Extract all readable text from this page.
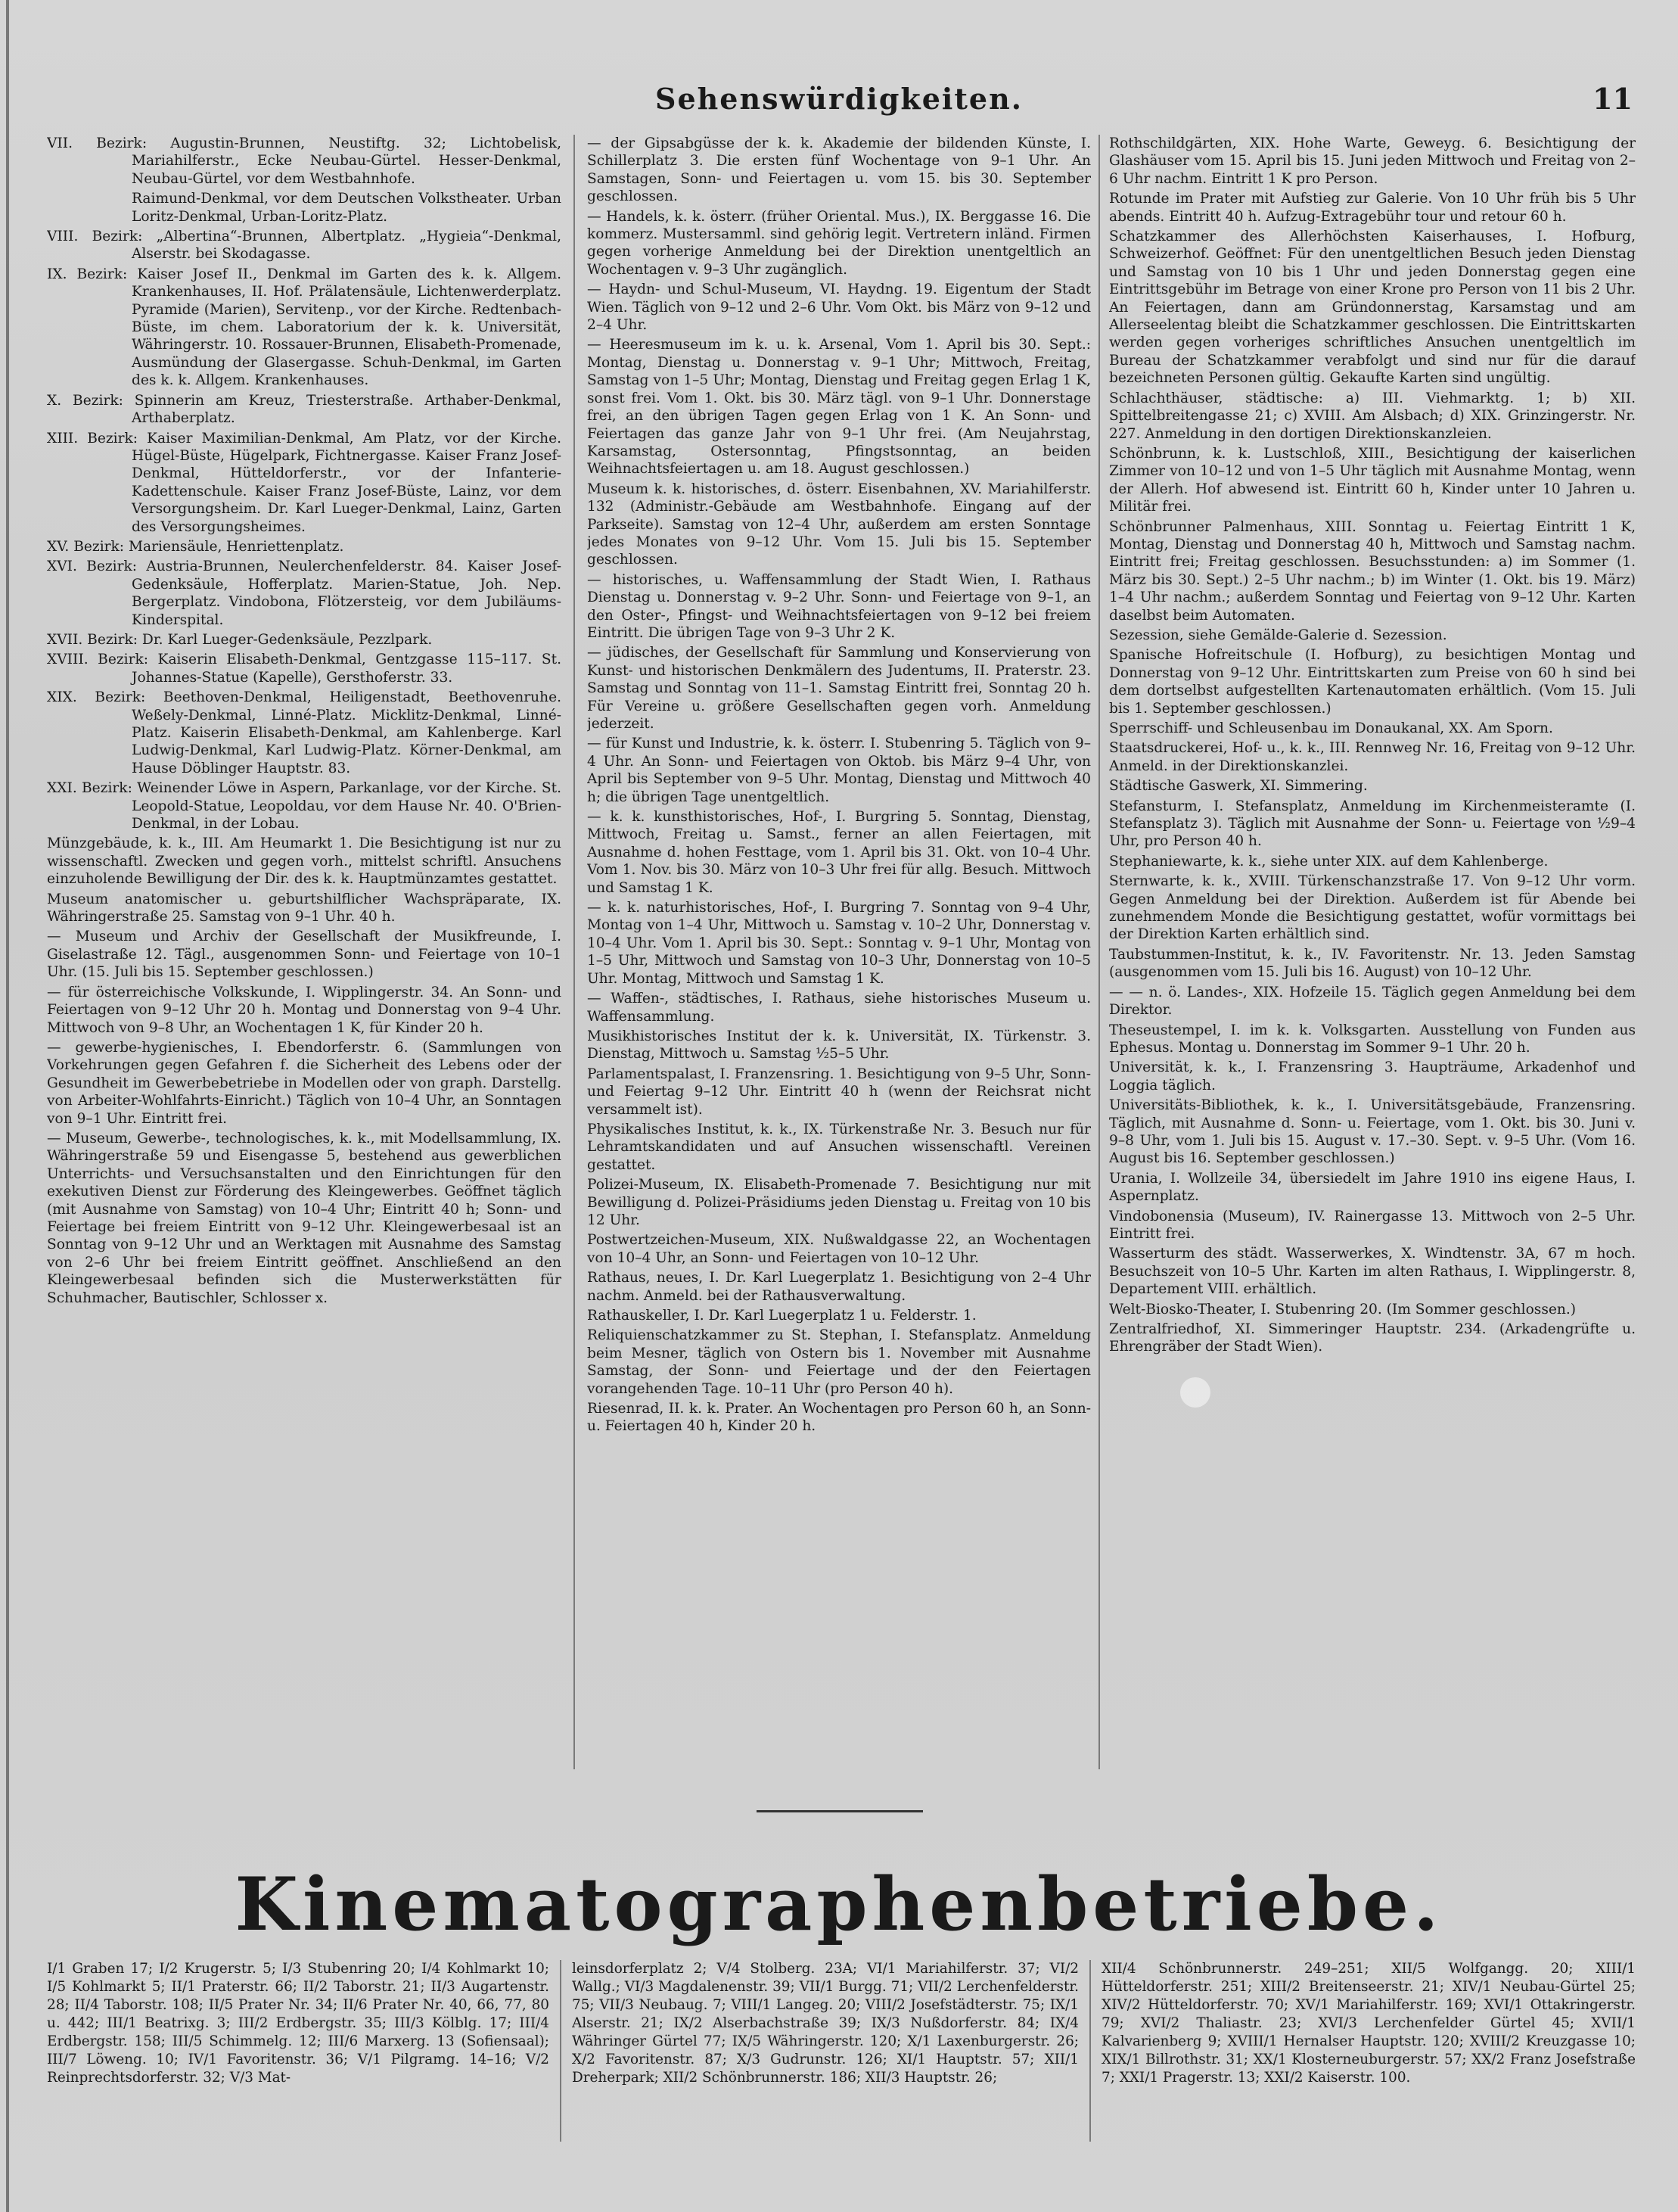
Sehenswürdigkeiten.	11

VII. Bezirk: Augustin-Brunnen, Neustiftg. 32; Lichtobelisk, Mariahilferstr., Ecke Neubau-Gürtel. Hesser-Denkmal, Neubau-Gürtel, vor dem Westbahnhofe.

Raimund-Denkmal, vor dem Deutschen Volkstheater. Urban Loritz-Denkmal, Urban-Loritz-Platz.

VIII. Bezirk: „Albertina“-Brunnen, Albertplatz. „Hygieia“-Denkmal, Alserstr. bei Skodagasse.

IX. Bezirk: Kaiser Josef II., Denkmal im Garten des k. k. Allgem. Krankenhauses, II. Hof. Prälatensäule, Lichtenwerderplatz. Pyramide (Marien), Servitenp., vor der Kirche. Redtenbach-Büste, im chem. Laboratorium der k. k. Universität, Währingerstr. 10. Rossauer-Brunnen, Elisabeth-Promenade, Ausmündung der Glasergasse. Schuh-Denkmal, im Garten des k. k. Allgem. Krankenhauses.

X. Bezirk: Spinnerin am Kreuz, Triesterstraße. Arthaber-Denkmal, Arthaberplatz.

XIII. Bezirk: Kaiser Maximilian-Denkmal, Am Platz, vor der Kirche. Hügel-Büste, Hügelpark, Fichtnergasse. Kaiser Franz Josef-Denkmal, Hütteldorferstr., vor der Infanterie-Kadettenschule. Kaiser Franz Josef-Büste, Lainz, vor dem Versorgungsheim. Dr. Karl Lueger-Denkmal, Lainz, Garten des Versorgungsheimes.

XV. Bezirk: Mariensäule, Henriettenplatz.

XVI. Bezirk: Austria-Brunnen, Neulerchenfelderstr. 84. Kaiser Josef-Gedenksäule, Hofferplatz. Marien-Statue, Joh. Nep. Bergerplatz. Vindobona, Flötzersteig, vor dem Jubiläums-Kinderspital.

XVII. Bezirk: Dr. Karl Lueger-Gedenksäule, Pezzlpark.

XVIII. Bezirk: Kaiserin Elisabeth-Denkmal, Gentzgasse 115–117. St. Johannes-Statue (Kapelle), Gersthoferstr. 33.

XIX. Bezirk: Beethoven-Denkmal, Heiligenstadt, Beethovenruhe. Weßely-Denkmal, Linné-Platz. Micklitz-Denkmal, Linné-Platz. Kaiserin Elisabeth-Denkmal, am Kahlenberge. Karl Ludwig-Denkmal, Karl Ludwig-Platz. Körner-Denkmal, am Hause Döblinger Hauptstr. 83.

XXI. Bezirk: Weinender Löwe in Aspern, Parkanlage, vor der Kirche. St. Leopold-Statue, Leopoldau, vor dem Hause Nr. 40. O'Brien-Denkmal, in der Lobau.

Münzgebäude, k. k., III. Am Heumarkt 1. Die Besichtigung ist nur zu wissenschaftl. Zwecken und gegen vorh., mittelst schriftl. Ansuchens einzuholende Bewilligung der Dir. des k. k. Hauptmünzamtes gestattet.

Museum anatomischer u. geburtshilflicher Wachspräparate, IX. Währingerstraße 25. Samstag von 9–1 Uhr. 40 h.

— Museum und Archiv der Gesellschaft der Musikfreunde, I. Giselastraße 12. Tägl., ausgenommen Sonn- und Feiertage von 10–1 Uhr. (15. Juli bis 15. September geschlossen.)

— für österreichische Volkskunde, I. Wipplingerstr. 34. An Sonn- und Feiertagen von 9–12 Uhr 20 h. Montag und Donnerstag von 9–4 Uhr. Mittwoch von 9–8 Uhr, an Wochentagen 1 K, für Kinder 20 h.

— gewerbe-hygienisches, I. Ebendorferstr. 6. (Sammlungen von Vorkehrungen gegen Gefahren f. die Sicherheit des Lebens oder der Gesundheit im Gewerbebetriebe in Modellen oder von graph. Darstellg. von Arbeiter-Wohlfahrts-Einricht.) Täglich von 10–4 Uhr, an Sonntagen von 9–1 Uhr. Eintritt frei.

— Museum, Gewerbe-, technologisches, k. k., mit Modellsammlung, IX. Währingerstraße 59 und Eisengasse 5, bestehend aus gewerblichen Unterrichts- und Versuchsanstalten und den Einrichtungen für den exekutiven Dienst zur Förderung des Kleingewerbes. Geöffnet täglich (mit Ausnahme von Samstag) von 10–4 Uhr; Eintritt 40 h; Sonn- und Feiertage bei freiem Eintritt von 9–12 Uhr. Kleingewerbesaal ist an Sonntag von 9–12 Uhr und an Werktagen mit Ausnahme des Samstag von 2–6 Uhr bei freiem Eintritt geöffnet. Anschließend an den Kleingewerbesaal befinden sich die Musterwerkstätten für Schuhmacher, Bautischler, Schlosser x.

— der Gipsabgüsse der k. k. Akademie der bildenden Künste, I. Schillerplatz 3. Die ersten fünf Wochentage von 9–1 Uhr. An Samstagen, Sonn- und Feiertagen u. vom 15. bis 30. September geschlossen.

— Handels, k. k. österr. (früher Oriental. Mus.), IX. Berggasse 16. Die kommerz. Mustersamml. sind gehörig legit. Vertretern inländ. Firmen gegen vorherige Anmeldung bei der Direktion unentgeltlich an Wochentagen v. 9–3 Uhr zugänglich.

— Haydn- und Schul-Museum, VI. Haydng. 19. Eigentum der Stadt Wien. Täglich von 9–12 und 2–6 Uhr. Vom Okt. bis März von 9–12 und 2–4 Uhr.

— Heeresmuseum im k. u. k. Arsenal, Vom 1. April bis 30. Sept.: Montag, Dienstag u. Donnerstag v. 9–1 Uhr; Mittwoch, Freitag, Samstag von 1–5 Uhr; Montag, Dienstag und Freitag gegen Erlag 1 K, sonst frei. Vom 1. Okt. bis 30. März tägl. von 9–1 Uhr. Donnerstage frei, an den übrigen Tagen gegen Erlag von 1 K. An Sonn- und Feiertagen das ganze Jahr von 9–1 Uhr frei. (Am Neujahrstag, Karsamstag, Ostersonntag, Pfingstsonntag, an beiden Weihnachtsfeiertagen u. am 18. August geschlossen.)

Museum k. k. historisches, d. österr. Eisenbahnen, XV. Mariahilferstr. 132 (Administr.-Gebäude am Westbahnhofe. Eingang auf der Parkseite). Samstag von 12–4 Uhr, außerdem am ersten Sonntage jedes Monates von 9–12 Uhr. Vom 15. Juli bis 15. September geschlossen.

— historisches, u. Waffensammlung der Stadt Wien, I. Rathaus Dienstag u. Donnerstag v. 9–2 Uhr. Sonn- und Feiertage von 9–1, an den Oster-, Pfingst- und Weihnachtsfeiertagen von 9–12 bei freiem Eintritt. Die übrigen Tage von 9–3 Uhr 2 K.

— jüdisches, der Gesellschaft für Sammlung und Konservierung von Kunst- und historischen Denkmälern des Judentums, II. Praterstr. 23. Samstag und Sonntag von 11–1. Samstag Eintritt frei, Sonntag 20 h. Für Vereine u. größere Gesellschaften gegen vorh. Anmeldung jederzeit.

— für Kunst und Industrie, k. k. österr. I. Stubenring 5. Täglich von 9–4 Uhr. An Sonn- und Feiertagen von Oktob. bis März 9–4 Uhr, von April bis September von 9–5 Uhr. Montag, Dienstag und Mittwoch 40 h; die übrigen Tage unentgeltlich.

— k. k. kunsthistorisches, Hof-, I. Burgring 5. Sonntag, Dienstag, Mittwoch, Freitag u. Samst., ferner an allen Feiertagen, mit Ausnahme d. hohen Festtage, vom 1. April bis 31. Okt. von 10–4 Uhr. Vom 1. Nov. bis 30. März von 10–3 Uhr frei für allg. Besuch. Mittwoch und Samstag 1 K.

— k. k. naturhistorisches, Hof-, I. Burgring 7. Sonntag von 9–4 Uhr, Montag von 1–4 Uhr, Mittwoch u. Samstag v. 10–2 Uhr, Donnerstag v. 10–4 Uhr. Vom 1. April bis 30. Sept.: Sonntag v. 9–1 Uhr, Montag von 1–5 Uhr, Mittwoch und Samstag von 10–3 Uhr, Donnerstag von 10–5 Uhr. Montag, Mittwoch und Samstag 1 K.

— Waffen-, städtisches, I. Rathaus, siehe historisches Museum u. Waffensammlung.

Musikhistorisches Institut der k. k. Universität, IX. Türkenstr. 3. Dienstag, Mittwoch u. Samstag ½5–5 Uhr.

Parlamentspalast, I. Franzensring. 1. Besichtigung von 9–5 Uhr, Sonn- und Feiertag 9–12 Uhr. Eintritt 40 h (wenn der Reichsrat nicht versammelt ist).

Physikalisches Institut, k. k., IX. Türkenstraße Nr. 3. Besuch nur für Lehramtskandidaten und auf Ansuchen wissenschaftl. Vereinen gestattet.

Polizei-Museum, IX. Elisabeth-Promenade 7. Besichtigung nur mit Bewilligung d. Polizei-Präsidiums jeden Dienstag u. Freitag von 10 bis 12 Uhr.

Postwertzeichen-Museum, XIX. Nußwaldgasse 22, an Wochentagen von 10–4 Uhr, an Sonn- und Feiertagen von 10–12 Uhr.

Rathaus, neues, I. Dr. Karl Luegerplatz 1. Besichtigung von 2–4 Uhr nachm. Anmeld. bei der Rathausverwaltung.

Rathauskeller, I. Dr. Karl Luegerplatz 1 u. Felderstr. 1.

Reliquienschatzkammer zu St. Stephan, I. Stefansplatz. Anmeldung beim Mesner, täglich von Ostern bis 1. November mit Ausnahme Samstag, der Sonn- und Feiertage und der den Feiertagen vorangehenden Tage. 10–11 Uhr (pro Person 40 h).

Riesenrad, II. k. k. Prater. An Wochentagen pro Person 60 h, an Sonn- u. Feiertagen 40 h, Kinder 20 h.

Rothschildgärten, XIX. Hohe Warte, Geweyg. 6. Besichtigung der Glashäuser vom 15. April bis 15. Juni jeden Mittwoch und Freitag von 2–6 Uhr nachm. Eintritt 1 K pro Person.

Rotunde im Prater mit Aufstieg zur Galerie. Von 10 Uhr früh bis 5 Uhr abends. Eintritt 40 h. Aufzug-Extragebühr tour und retour 60 h.

Schatzkammer des Allerhöchsten Kaiserhauses, I. Hofburg, Schweizerhof. Geöffnet: Für den unentgeltlichen Besuch jeden Dienstag und Samstag von 10 bis 1 Uhr und jeden Donnerstag gegen eine Eintrittsgebühr im Betrage von einer Krone pro Person von 11 bis 2 Uhr. An Feiertagen, dann am Gründonnerstag, Karsamstag und am Allerseelentag bleibt die Schatzkammer geschlossen. Die Eintrittskarten werden gegen vorheriges schriftliches Ansuchen unentgeltlich im Bureau der Schatzkammer verabfolgt und sind nur für die darauf bezeichneten Personen gültig. Gekaufte Karten sind ungültig.

Schlachthäuser, städtische: a) III. Viehmarktg. 1; b) XII. Spittelbreitengasse 21; c) XVIII. Am Alsbach; d) XIX. Grinzingerstr. Nr. 227. Anmeldung in den dortigen Direktionskanzleien.

Schönbrunn, k. k. Lustschloß, XIII., Besichtigung der kaiserlichen Zimmer von 10–12 und von 1–5 Uhr täglich mit Ausnahme Montag, wenn der Allerh. Hof abwesend ist. Eintritt 60 h, Kinder unter 10 Jahren u. Militär frei.

Schönbrunner Palmenhaus, XIII. Sonntag u. Feiertag Eintritt 1 K, Montag, Dienstag und Donnerstag 40 h, Mittwoch und Samstag nachm. Eintritt frei; Freitag geschlossen. Besuchsstunden: a) im Sommer (1. März bis 30. Sept.) 2–5 Uhr nachm.; b) im Winter (1. Okt. bis 19. März) 1–4 Uhr nachm.; außerdem Sonntag und Feiertag von 9–12 Uhr. Karten daselbst beim Automaten.

Sezession, siehe Gemälde-Galerie d. Sezession.

Spanische Hofreitschule (I. Hofburg), zu besichtigen Montag und Donnerstag von 9–12 Uhr. Eintrittskarten zum Preise von 60 h sind bei dem dortselbst aufgestellten Kartenautomaten erhältlich. (Vom 15. Juli bis 1. September geschlossen.)

Sperrschiff- und Schleusenbau im Donaukanal, XX. Am Sporn.

Staatsdruckerei, Hof- u., k. k., III. Rennweg Nr. 16, Freitag von 9–12 Uhr. Anmeld. in der Direktionskanzlei.

Städtische Gaswerk, XI. Simmering.

Stefansturm, I. Stefansplatz, Anmeldung im Kirchenmeisteramte (I. Stefansplatz 3). Täglich mit Ausnahme der Sonn- u. Feiertage von ½9–4 Uhr, pro Person 40 h.

Stephaniewarte, k. k., siehe unter XIX. auf dem Kahlenberge.

Sternwarte, k. k., XVIII. Türkenschanzstraße 17. Von 9–12 Uhr vorm. Gegen Anmeldung bei der Direktion. Außerdem ist für Abende bei zunehmendem Monde die Besichtigung gestattet, wofür vormittags bei der Direktion Karten erhältlich sind.

Taubstummen-Institut, k. k., IV. Favoritenstr. Nr. 13. Jeden Samstag (ausgenommen vom 15. Juli bis 16. August) von 10–12 Uhr.

— — n. ö. Landes-, XIX. Hofzeile 15. Täglich gegen Anmeldung bei dem Direktor.

Theseustempel, I. im k. k. Volksgarten. Ausstellung von Funden aus Ephesus. Montag u. Donnerstag im Sommer 9–1 Uhr. 20 h.

Universität, k. k., I. Franzensring 3. Haupträume, Arkadenhof und Loggia täglich.

Universitäts-Bibliothek, k. k., I. Universitätsgebäude, Franzensring. Täglich, mit Ausnahme d. Sonn- u. Feiertage, vom 1. Okt. bis 30. Juni v. 9–8 Uhr, vom 1. Juli bis 15. August v. 17.–30. Sept. v. 9–5 Uhr. (Vom 16. August bis 16. September geschlossen.)

Urania, I. Wollzeile 34, übersiedelt im Jahre 1910 ins eigene Haus, I. Aspernplatz.

Vindobonensia (Museum), IV. Rainergasse 13. Mittwoch von 2–5 Uhr. Eintritt frei.

Wasserturm des städt. Wasserwerkes, X. Windtenstr. 3A, 67 m hoch. Besuchszeit von 10–5 Uhr. Karten im alten Rathaus, I. Wipplingerstr. 8, Departement VIII. erhältlich.

Welt-Biosko-Theater, I. Stubenring 20. (Im Sommer geschlossen.)

Zentralfriedhof, XI. Simmeringer Hauptstr. 234. (Arkadengrüfte u. Ehrengräber der Stadt Wien).

Kinematographenbetriebe.
I/1 Graben 17; I/2 Krugerstr. 5; I/3 Stubenring 20; I/4 Kohlmarkt 10; I/5 Kohlmarkt 5; II/1 Praterstr. 66; II/2 Taborstr. 21; II/3 Augartenstr. 28; II/4 Taborstr. 108; II/5 Prater Nr. 34; II/6 Prater Nr. 40, 66, 77, 80 u. 442; III/1 Beatrixg. 3; III/2 Erdbergstr. 35; III/3 Kölblg. 17; III/4 Erdbergstr. 158; III/5 Schimmelg. 12; III/6 Marxerg. 13 (Sofiensaal); III/7 Löweng. 10; IV/1 Favoritenstr. 36; V/1 Pilgramg. 14–16; V/2 Reinprechtsdorferstr. 32; V/3 Mat-
leinsdorferplatz 2; V/4 Stolberg. 23A; VI/1 Mariahilferstr. 37; VI/2 Wallg.; VI/3 Magdalenenstr. 39; VII/1 Burgg. 71; VII/2 Lerchenfelderstr. 75; VII/3 Neubaug. 7; VIII/1 Langeg. 20; VIII/2 Josefstädterstr. 75; IX/1 Alserstr. 21; IX/2 Alserbachstraße 39; IX/3 Nußdorferstr. 84; IX/4 Währinger Gürtel 77; IX/5 Währingerstr. 120; X/1 Laxenburgerstr. 26; X/2 Favoritenstr. 87; X/3 Gudrunstr. 126; XI/1 Hauptstr. 57; XII/1 Dreherpark; XII/2 Schönbrunnerstr. 186; XII/3 Hauptstr. 26;
XII/4 Schönbrunnerstr. 249–251; XII/5 Wolfgangg. 20; XIII/1 Hütteldorferstr. 251; XIII/2 Breitenseerstr. 21; XIV/1 Neubau-Gürtel 25; XIV/2 Hütteldorferstr. 70; XV/1 Mariahilferstr. 169; XVI/1 Ottakringerstr. 79; XVI/2 Thaliastr. 23; XVI/3 Lerchenfelder Gürtel 45; XVII/1 Kalvarienberg 9; XVIII/1 Hernalser Hauptstr. 120; XVIII/2 Kreuzgasse 10; XIX/1 Billrothstr. 31; XX/1 Klosterneuburgerstr. 57; XX/2 Franz Josefstraße 7; XXI/1 Pragerstr. 13; XXI/2 Kaiserstr. 100.
